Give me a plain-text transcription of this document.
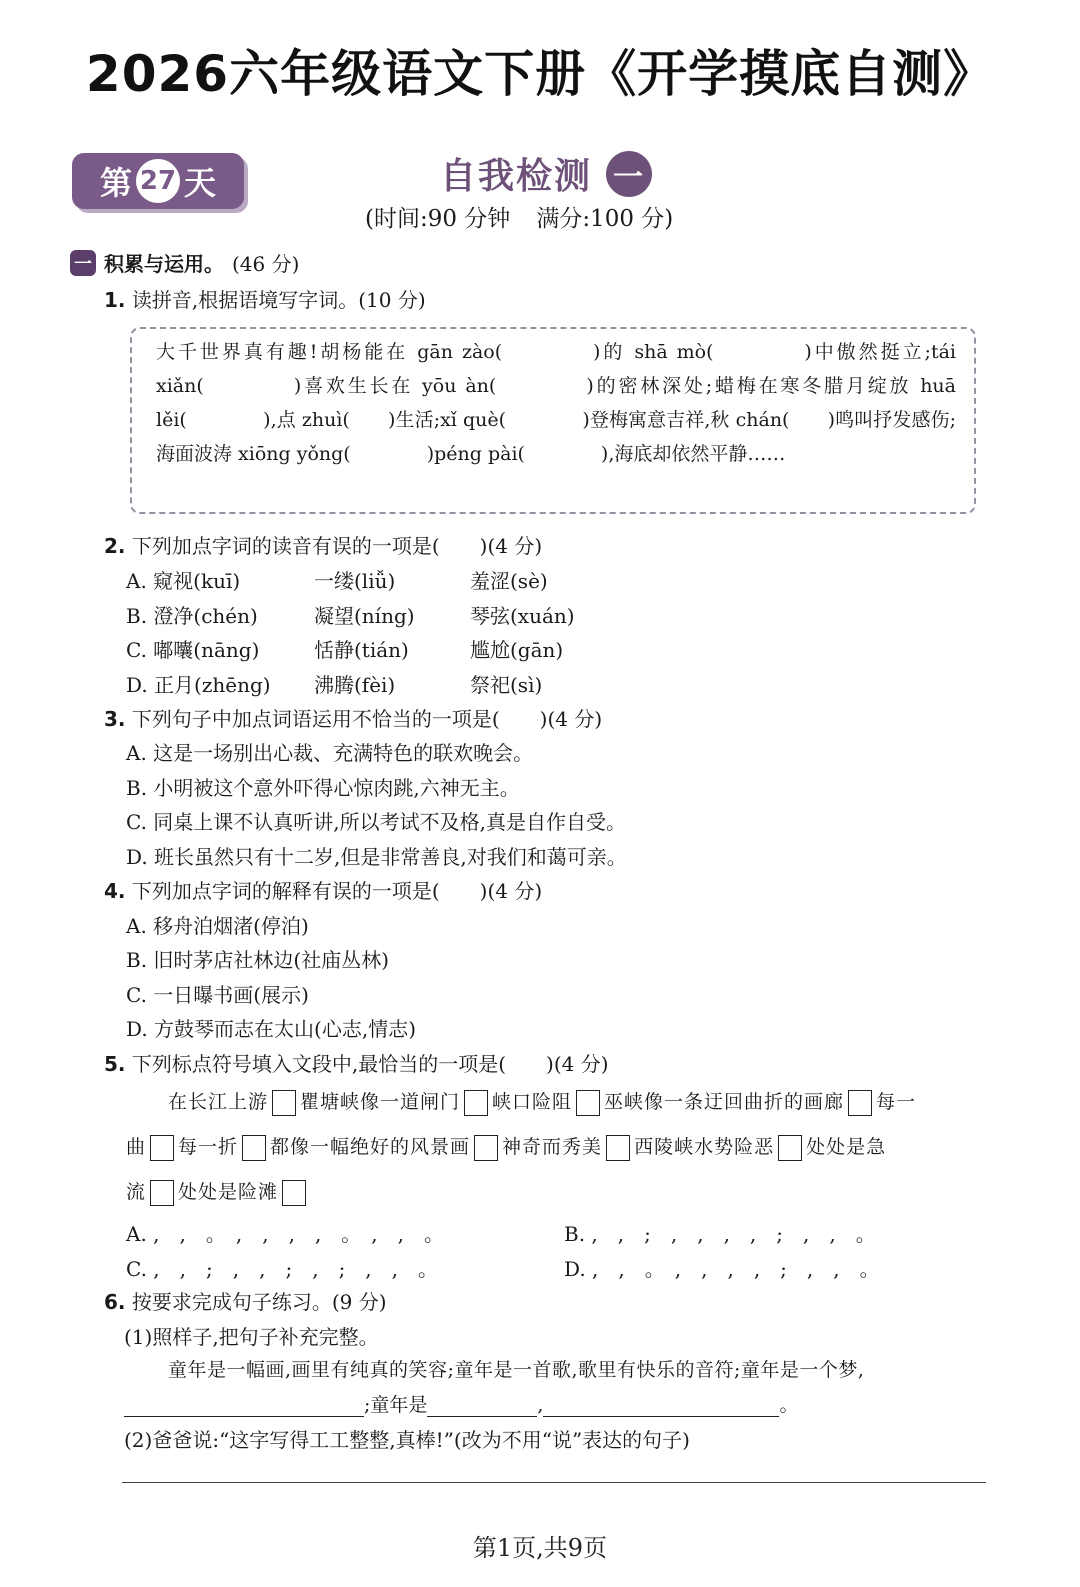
2026六年级语文下册《开学摸底自测》
第 27 天	自我检测 一
(时间:90 分钟 满分:100 分)
一 积累与运用。 (46 分)
1. 读拼音,根据语境写字词。(10 分)
大千世界真有趣!胡杨能在 gān zào(　　　　)的 shā mò(　　　　)中傲然挺立;tái xiǎn(　　　　)喜欢生长在 yōu àn(　　　　)的密林深处;蜡梅在寒冬腊月绽放 huā lěi(　　　　),点 zhuì(　　)生活;xǐ què(　　　　)登梅寓意吉祥,秋 chán(　　)鸣叫抒发感伤;海面波涛 xiōng yǒng(　　　　)péng pài(　　　　),海底却依然平静……
2. 下列加点字词的读音有误的一项是(　　)(4 分)
A. 窥视(kuī)	一缕(liǚ)	羞涩(sè)
B. 澄净(chén)	凝望(níng)	琴弦(xuán)
C. 嘟囔(nāng)	恬静(tián)	尴尬(gān)
D. 正月(zhēng) 沸腾(fèi)	祭祀(sì)
3. 下列句子中加点词语运用不恰当的一项是(　　)(4 分)
A. 这是一场别出心裁、充满特色的联欢晚会。
B. 小明被这个意外吓得心惊肉跳,六神无主。
C. 同桌上课不认真听讲,所以考试不及格,真是自作自受。
D. 班长虽然只有十二岁,但是非常善良,对我们和蔼可亲。
4. 下列加点字词的解释有误的一项是(　　)(4 分)
A. 移舟泊烟渚(停泊)
B. 旧时茅店社林边(社庙丛林)
C. 一日曝书画(展示)
D. 方鼓琴而志在太山(心志,情志)
5. 下列标点符号填入文段中,最恰当的一项是(　　)(4 分)
在长江上游 瞿塘峡像一道闸门 峡口险阻 巫峡像一条迂回曲折的画廊 每一
曲 每一折 都像一幅绝好的风景画 神奇而秀美 西陵峡水势险恶 处处是急
流 处处是险滩
A. ,　,　。　,　,　,　,　。　,　,　。	B. ,　,　;　,　,　,　,　;　,　,　。
C. ,　,　;　,　,　;　,　;　,　,　。	D. ,　,　。　,　,　,　,　;　,　,　。
6. 按要求完成句子练习。(9 分)
(1)照样子,把句子补充完整。
童年是一幅画,画里有纯真的笑容;童年是一首歌,歌里有快乐的音符;童年是一个梦,
;童年是	,	。
(2)爸爸说:“这字写得工工整整,真棒!”(改为不用“说”表达的句子)
第1页,共9页
